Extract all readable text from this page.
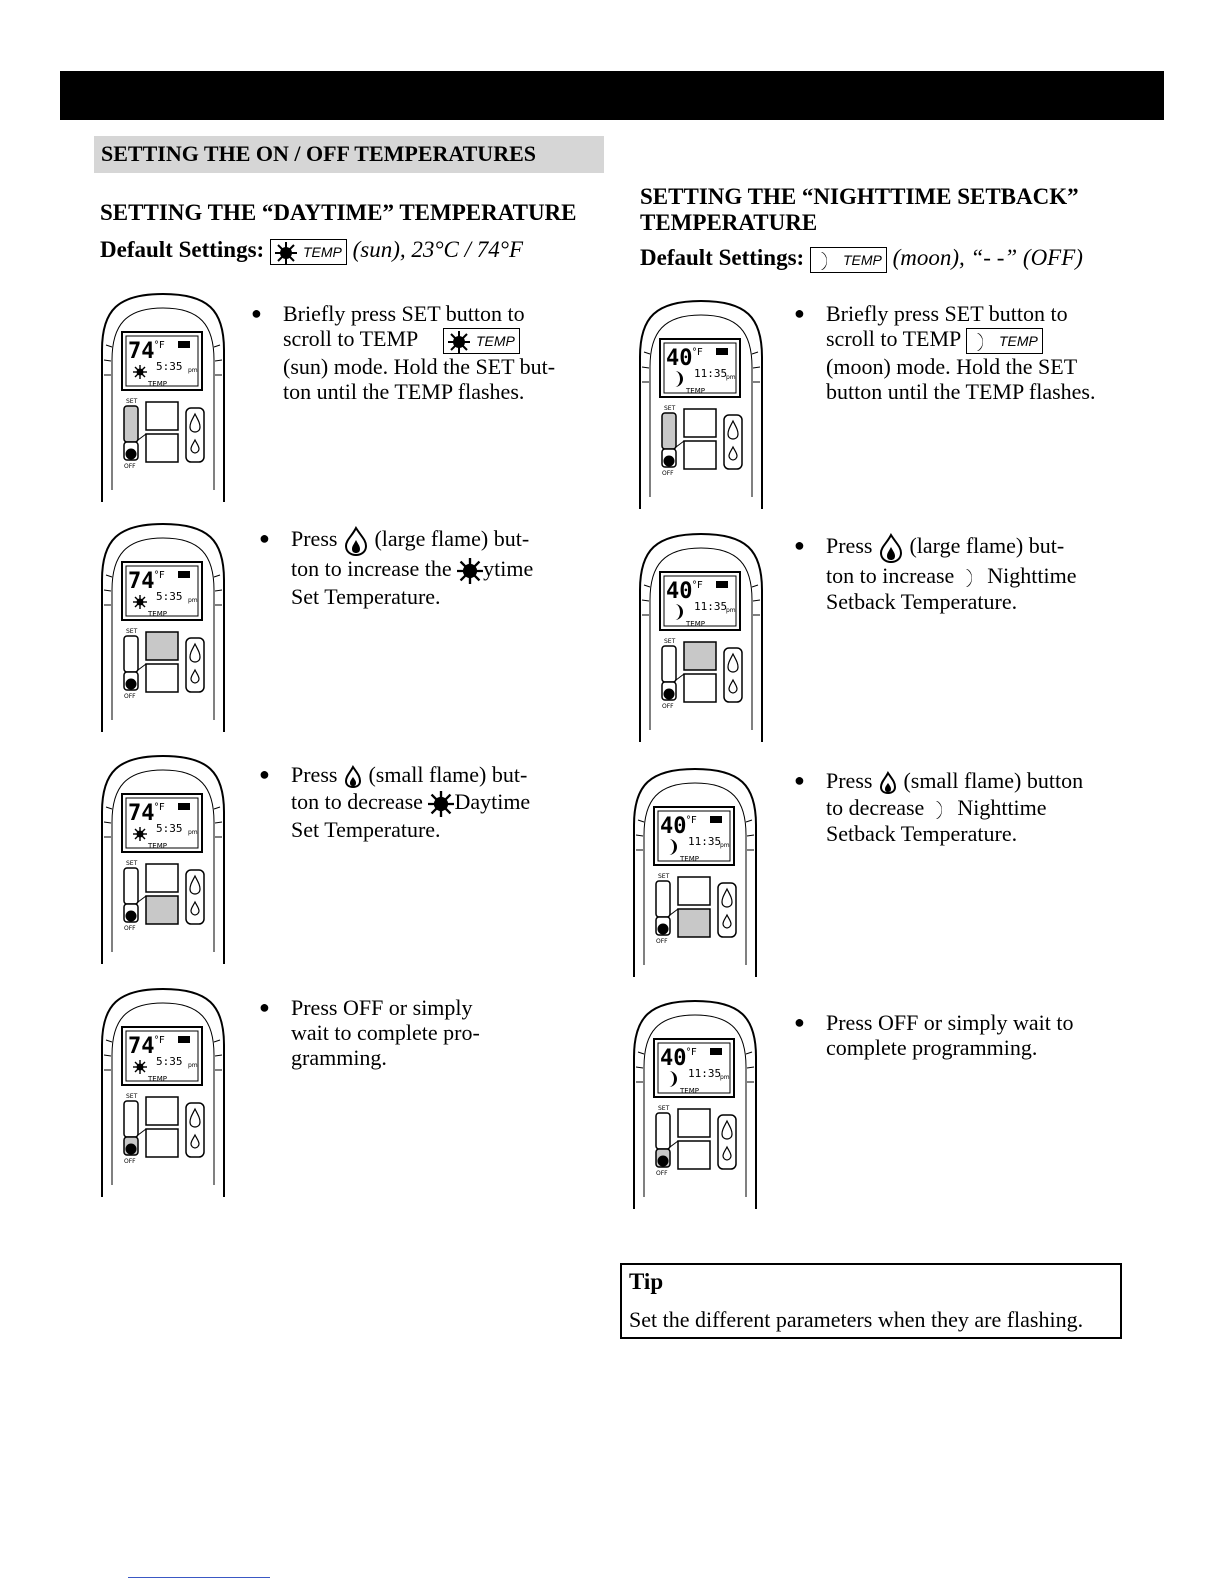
SETTING THE ON / OFF TEMPERATURES
SETTING THE “DAYTIME” TEMPERATURE
Default Settings:	TEMP (sun), 23°C / 74°F
● Briefly press SET button to
scroll to TEMP	TEMP
(sun) mode. Hold the SET but-
ton until the TEMP flashes.
● Press (large flame) but-
ton to increase the ytime
Set Temperature.
● Press (small flame) but-
ton to decrease Daytime
Set Temperature.
● Press OFF or simply
wait to complete pro-
gramming.
SETTING THE “NIGHTTIME SETBACK”
TEMPERATURE
Default Settings:	TEMP (moon), “- -” (OFF)
● Briefly press SET button to
scroll to TEMP	TEMP
(moon) mode. Hold the SET
button until the TEMP flashes.
● Press (large flame) but-
ton to increase Nighttime
Setback Temperature.
● Press (small flame) button
to decrease Nighttime
Setback Temperature.
● Press OFF or simply wait to
complete programming.
74 °F
5:35 pm
TEMP
SET
OFF
74 °F
5:35 pm
TEMP
SET
OFF
74 °F
5:35 pm
TEMP
SET
OFF
74 °F
5:35 pm
TEMP
SET
OFF
40 °F
11:35
pm
TEMP
SET
OFF
40 °F
11:35
pm
TEMP
SET
OFF
40 °F
11:35
pm
TEMP
SET
OFF
40 °F
11:35
pm
TEMP
SET
OFF
Tip
Set the different parameters when they are flashing.
